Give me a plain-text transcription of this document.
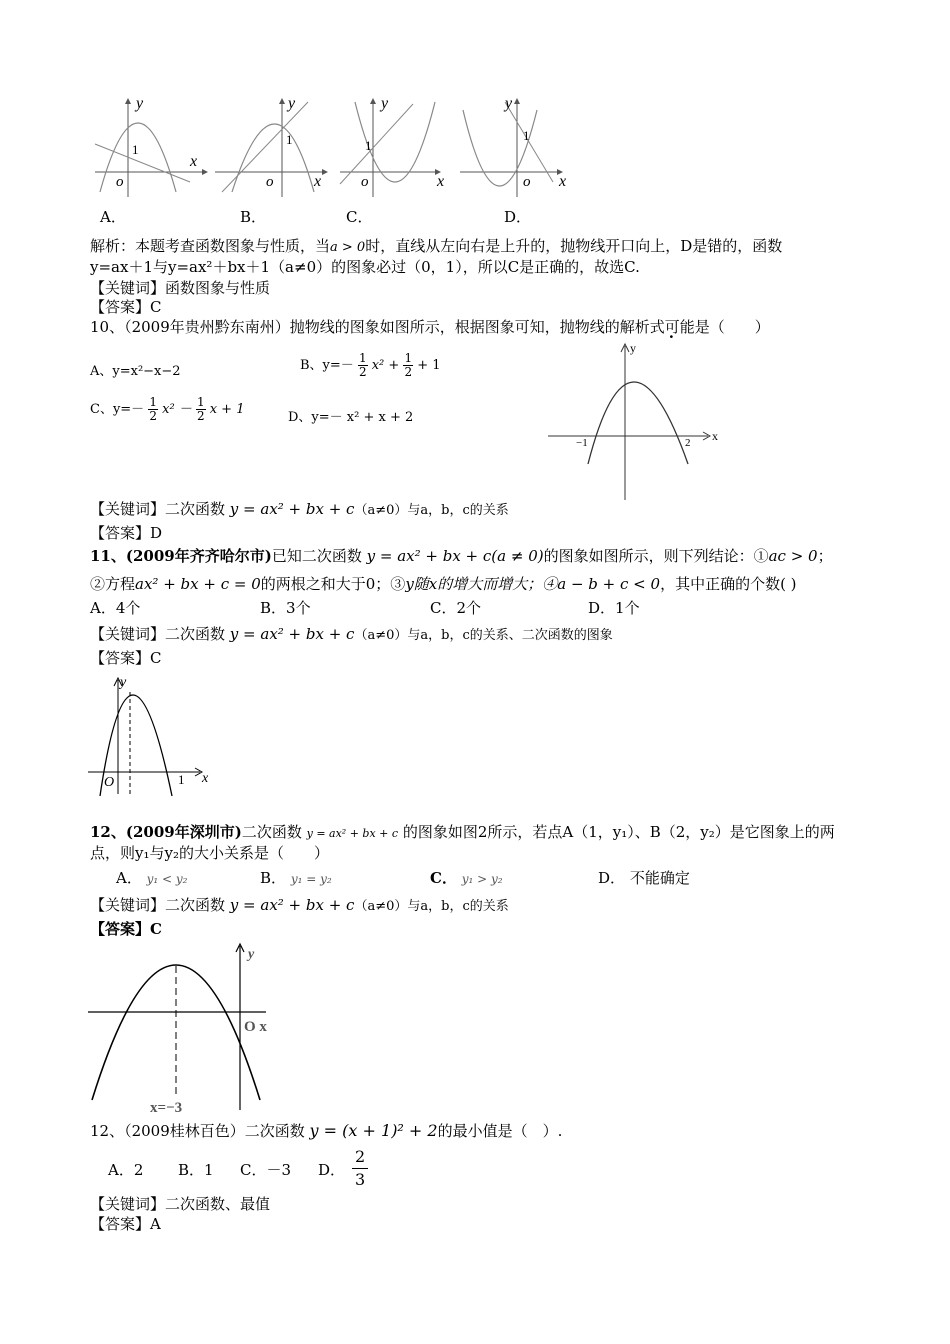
y
x
o
1
y
x
o
1
y
x
o
1
y
x
o
1
A．	B．	C．	D．
解析：本题考查函数图象与性质，当a > 0时，直线从左向右是上升的，抛物线开口向上，D是错的，函数
y=ax＋1与y=ax²＋bx＋1（a≠0）的图象必过（0，1），所以C是正确的，故选C.
【关键词】函数图象与性质
【答案】C
10、（2009年贵州黔东南州）抛物线的图象如图所示，根据图象可知，抛物线的解析式可能是（　　）
A、y=x²−x−2	B、$y=- \frac{1}{2} x^2 + \frac{1}{2} + 1$
C、$y=- \frac{1}{2} x^2 - \frac{1}{2}$ x + 1
D、y=－ x² + x + 2
y
x
−1	2
【关键词】二次函数 y = ax² + bx + c（a≠0）与a，b，c的关系
【答案】D
11、(2009年齐齐哈尔市)已知二次函数 y = ax² + bx + c(a ≠ 0)的图象如图所示，则下列结论：①ac > 0；
②方程ax² + bx + c = 0的两根之和大于0；③y随x的增大而增大；④a − b + c < 0，其中正确的个数( )
A．4个	B．3个	C．2个	D．1个
【关键词】二次函数 y = ax² + bx + c（a≠0）与a，b，c的关系、二次函数的图象
【答案】C
y
x
O	1
12、(2009年深圳市)二次函数 y = ax² + bx + c 的图象如图2所示，若点A（1，y₁）、B（2，y₂）是它图象上的两
点，则y₁与y₂的大小关系是（　　）
A． y₁ < y₂	B． y₁ = y₂	C． y₁ > y₂	D． 不能确定
【关键词】二次函数 y = ax² + bx + c（a≠0）与a，b，c的关系
【答案】C
y
O x
x=−3
12、（2009桂林百色）二次函数 y = (x + 1)² + 2的最小值是（　）.
A．2 B．1 C．－3 D．
2
3
【关键词】二次函数、最值
【答案】A
